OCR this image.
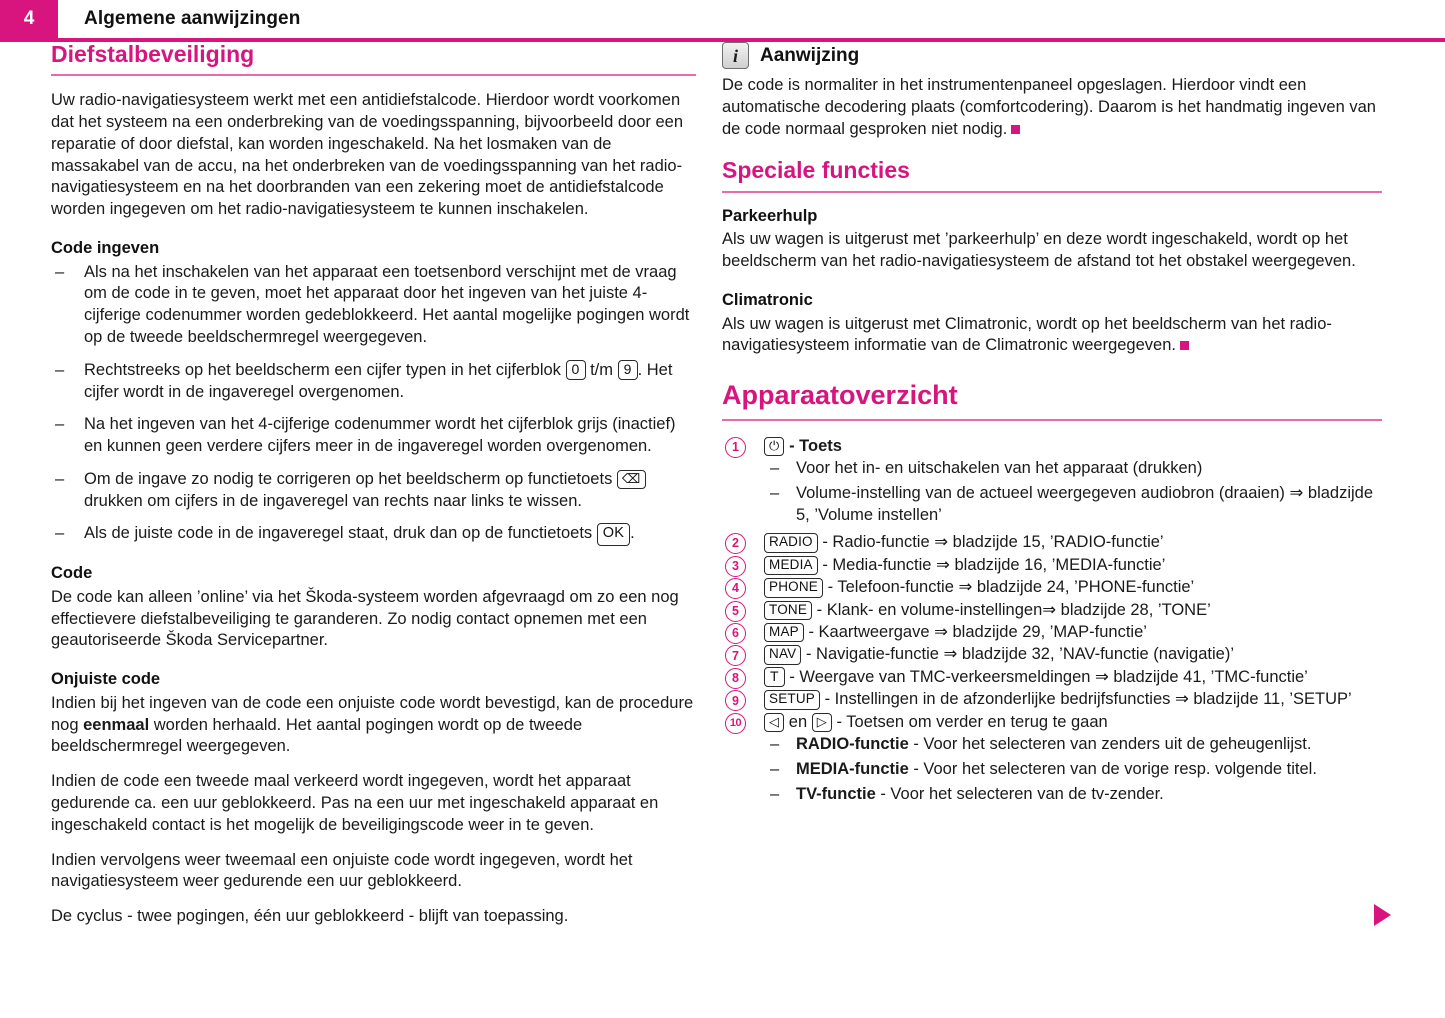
4	Algemene aanwijzingen
Diefstalbeveiliging

Uw radio-navigatiesysteem werkt met een antidiefstalcode. Hierdoor wordt voorkomen dat het systeem na een onderbreking van de voedingsspanning, bijvoorbeeld door een reparatie of door diefstal, kan worden ingeschakeld. Na het losmaken van de massakabel van de accu, na het onderbreken van de voedingsspanning van het radio-navigatiesysteem en na het doorbranden van een zekering moet de antidiefstalcode worden ingegeven om het radio-navigatiesysteem te kunnen inschakelen.

Code ingeven
– Als na het inschakelen van het apparaat een toetsenbord verschijnt met de vraag om de code in te geven, moet het apparaat door het ingeven van het juiste 4-cijferige codenummer worden gedeblokkeerd. Het aantal mogelijke pogingen wordt op de tweede beeldschermregel weergegeven.
– Rechtstreeks op het beeldscherm een cijfer typen in het cijferblok 0 t/m 9 . Het cijfer wordt in de ingaveregel overgenomen.
– Na het ingeven van het 4-cijferige codenummer wordt het cijferblok grijs (inactief) en kunnen geen verdere cijfers meer in de ingaveregel worden overgenomen.
– Om de ingave zo nodig te corrigeren op het beeldscherm op functietoets ⌫ drukken om cijfers in de ingaveregel van rechts naar links te wissen.
– Als de juiste code in de ingaveregel staat, druk dan op de functietoets OK .
Code

De code kan alleen ’online’ via het Škoda-systeem worden afgevraagd om zo een nog effectievere diefstalbeveiliging te garanderen. Zo nodig contact opnemen met een geautoriseerde Škoda Servicepartner.

Onjuiste code

Indien bij het ingeven van de code een onjuiste code wordt bevestigd, kan de procedure nog eenmaal worden herhaald. Het aantal pogingen wordt op de tweede beeldschermregel weergegeven.

Indien de code een tweede maal verkeerd wordt ingegeven, wordt het apparaat gedurende ca. een uur geblokkeerd. Pas na een uur met ingeschakeld apparaat en ingeschakeld contact is het mogelijk de beveiligingscode weer in te geven.

Indien vervolgens weer tweemaal een onjuiste code wordt ingegeven, wordt het navigatiesysteem weer gedurende een uur geblokkeerd.

De cyclus - twee pogingen, één uur geblokkeerd - blijft van toepassing.

i	Aanwijzing

De code is normaliter in het instrumentenpaneel opgeslagen. Hierdoor vindt een automatische decodering plaats (comfortcodering). Daarom is het handmatig ingeven van de code normaal gesproken niet nodig.

Speciale functies
Parkeerhulp

Als uw wagen is uitgerust met ’parkeerhulp’ en deze wordt ingeschakeld, wordt op het beeldscherm van het radio-navigatiesysteem de afstand tot het obstakel weergegeven.

Climatronic

Als uw wagen is uitgerust met Climatronic, wordt op het beeldscherm van het radio-navigatiesysteem informatie van de Climatronic weergegeven.

Apparaatoverzicht
1	⏻ - Toets
– Voor het in- en uitschakelen van het apparaat (drukken)
– Volume-instelling van de actueel weergegeven audiobron (draaien) ⇒ bladzijde 5, ’Volume instellen’
2	RADIO - Radio-functie ⇒ bladzijde 15, ’RADIO-functie’
3	MEDIA - Media-functie ⇒ bladzijde 16, ’MEDIA-functie’
4	PHONE - Telefoon-functie ⇒ bladzijde 24, ’PHONE-functie’
5	TONE - Klank- en volume-instellingen⇒ bladzijde 28, ’TONE’
6	MAP - Kaartweergave ⇒ bladzijde 29, ’MAP-functie’
7	NAV - Navigatie-functie ⇒ bladzijde 32, ’NAV-functie (navigatie)’
8	T - Weergave van TMC-verkeersmeldingen ⇒ bladzijde 41, ’TMC-functie’
9	SETUP - Instellingen in de afzonderlijke bedrijfsfuncties ⇒ bladzijde 11, ’SETUP’
10	◁ en ▷ - Toetsen om verder en terug te gaan
– RADIO-functie - Voor het selecteren van zenders uit de geheugenlijst.
– MEDIA-functie - Voor het selecteren van de vorige resp. volgende titel.
– TV-functie - Voor het selecteren van de tv-zender.
